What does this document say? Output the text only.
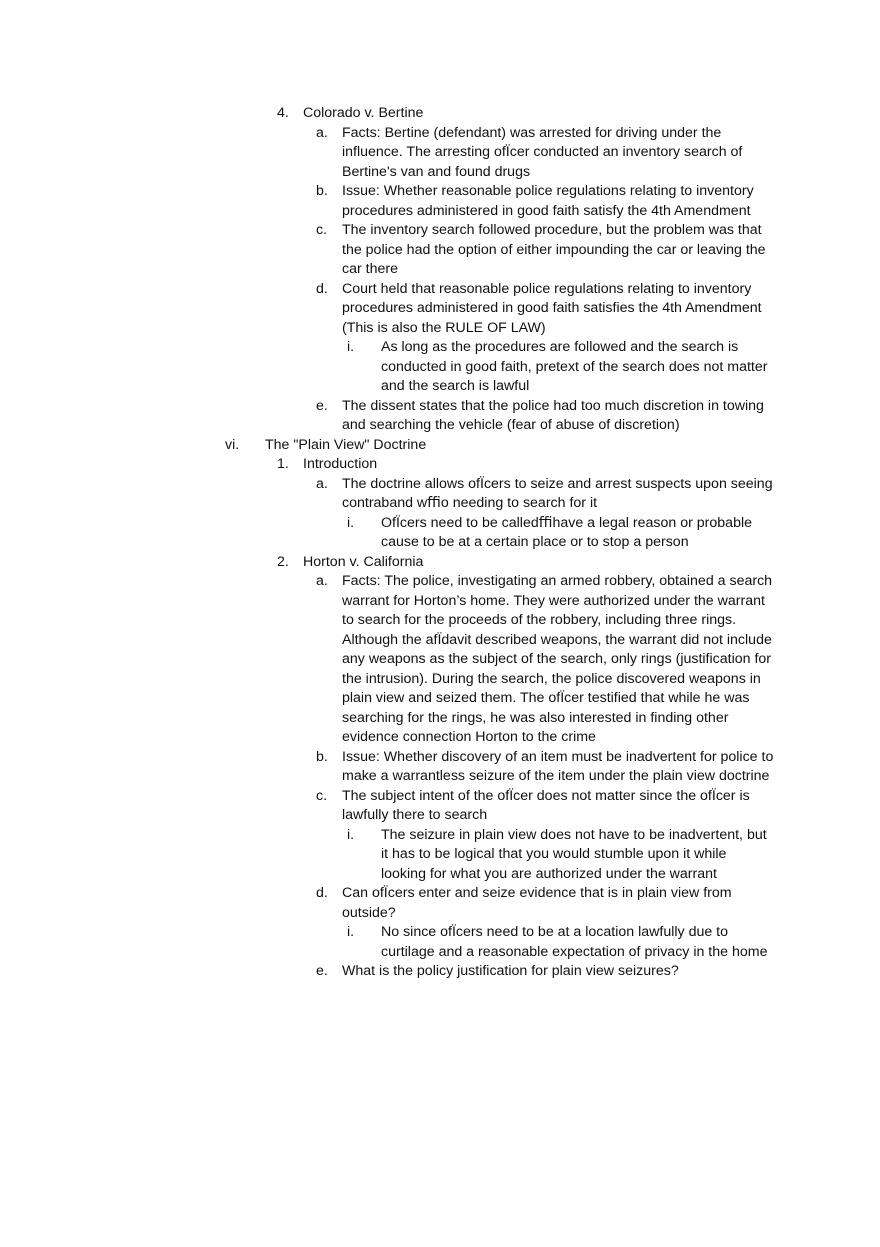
4. Colorado v. Bertine
a. Facts: Bertine (defendant) was arrested for driving under the influence. The arresting ofÏcer conducted an inventory search of Bertine's van and found drugs
b. Issue: Whether reasonable police regulations relating to inventory procedures administered in good faith satisfy the 4th Amendment
c. The inventory search followed procedure, but the problem was that the police had the option of either impounding the car or leaving the car there
d. Court held that reasonable police regulations relating to inventory procedures administered in good faith satisfies the 4th Amendment (This is also the RULE OF LAW)
i. As long as the procedures are followed and the search is conducted in good faith, pretext of the search does not matter and the search is lawful
e. The dissent states that the police had too much discretion in towing and searching the vehicle (fear of abuse of discretion)
vi. The "Plain View" Doctrine
1. Introduction
a. The doctrine allows ofÏcers to seize and arrest suspects upon seeing contraband wﬃo needing to search for it
i. OfÏcers need to be calledﬃhave a legal reason or probable cause to be at a certain place or to stop a person
2. Horton v. California
a. Facts: The police, investigating an armed robbery, obtained a search warrant for Horton’s home. They were authorized under the warrant to search for the proceeds of the robbery, including three rings. Although the afÏdavit described weapons, the warrant did not include any weapons as the subject of the search, only rings (justification for the intrusion). During the search, the police discovered weapons in plain view and seized them. The ofÏcer testified that while he was searching for the rings, he was also interested in finding other evidence connection Horton to the crime
b. Issue: Whether discovery of an item must be inadvertent for police to make a warrantless seizure of the item under the plain view doctrine
c. The subject intent of the ofÏcer does not matter since the ofÏcer is lawfully there to search
i. The seizure in plain view does not have to be inadvertent, but it has to be logical that you would stumble upon it while looking for what you are authorized under the warrant
d. Can ofÏcers enter and seize evidence that is in plain view from outside?
i. No since ofÏcers need to be at a location lawfully due to curtilage and a reasonable expectation of privacy in the home
e. What is the policy justification for plain view seizures?
